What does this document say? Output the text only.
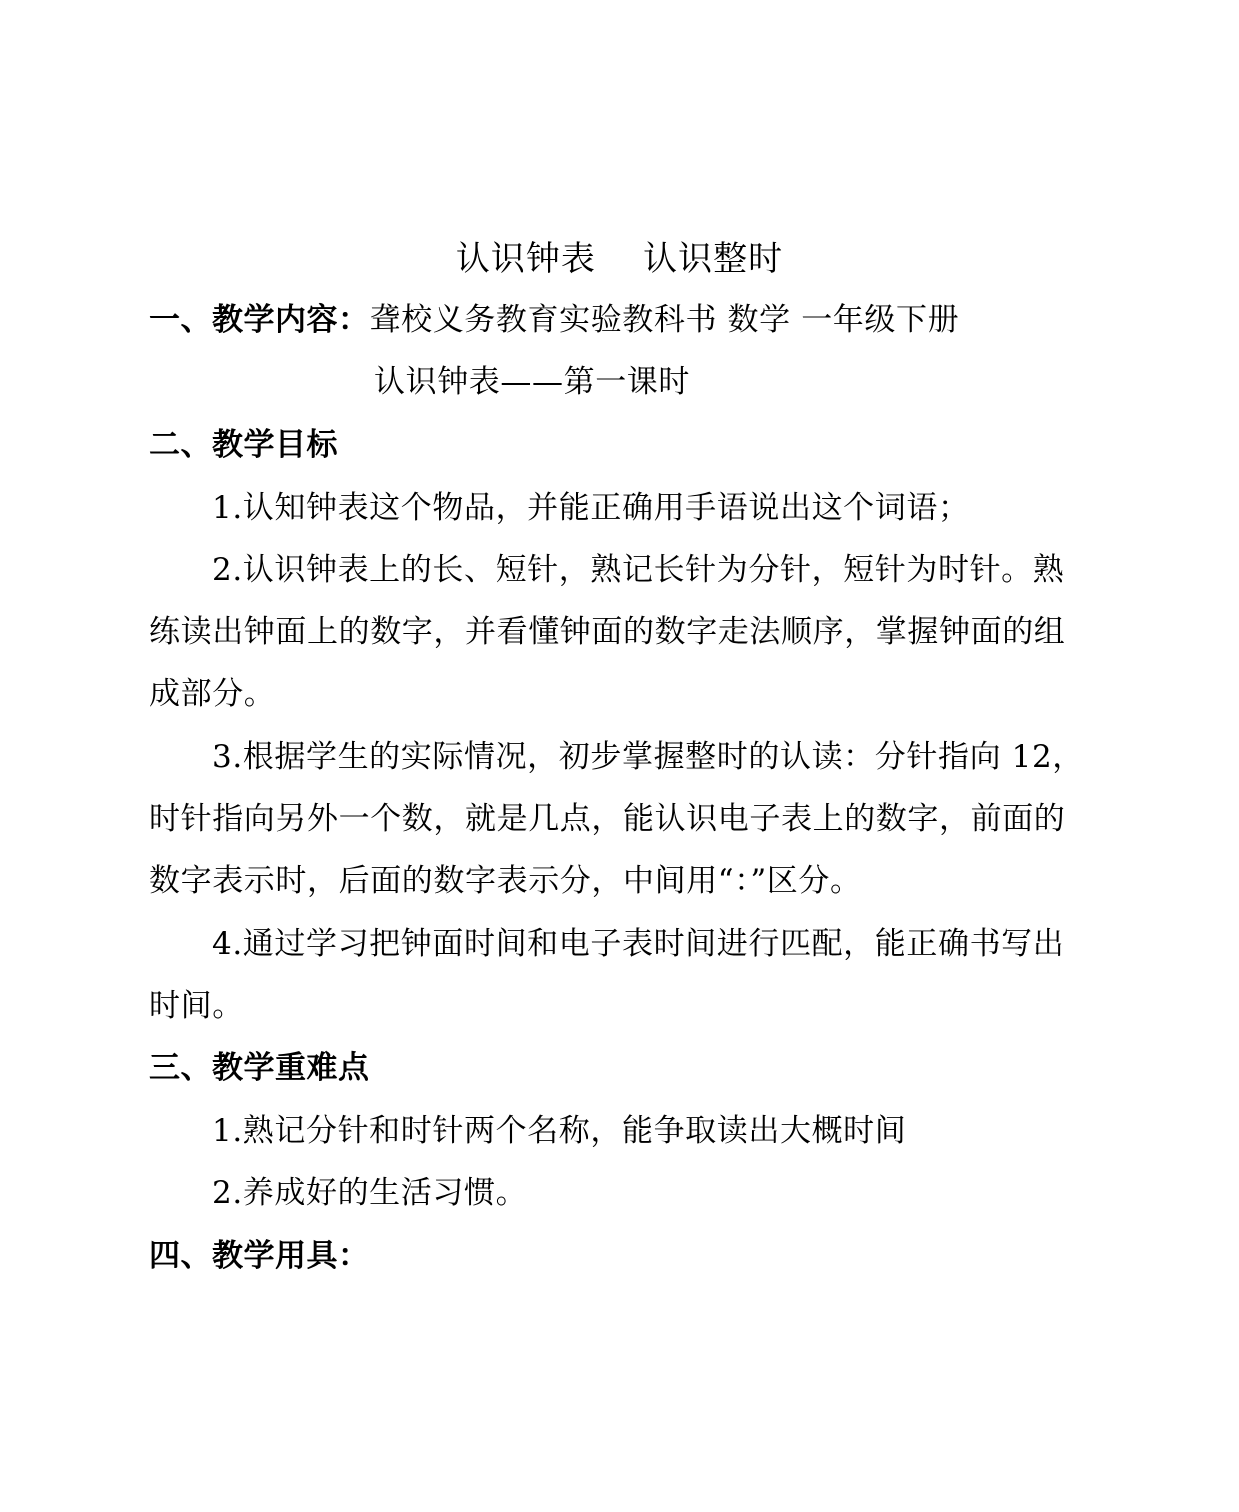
认识钟表    认识整时
一、教学内容：聋校义务教育实验教科书 数学 一年级下册
认识钟表——第一课时
二、教学目标
1.认知钟表这个物品，并能正确用手语说出这个词语；
2.认识钟表上的长、短针，熟记长针为分针，短针为时针。熟
练读出钟面上的数字，并看懂钟面的数字走法顺序，掌握钟面的组
成部分。
3.根据学生的实际情况，初步掌握整时的认读：分针指向 12，
时针指向另外一个数，就是几点，能认识电子表上的数字，前面的
数字表示时，后面的数字表示分，中间用“：”区分。
4.通过学习把钟面时间和电子表时间进行匹配，能正确书写出
时间。
三、教学重难点
1.熟记分针和时针两个名称，能争取读出大概时间
2.养成好的生活习惯。
四、教学用具：
